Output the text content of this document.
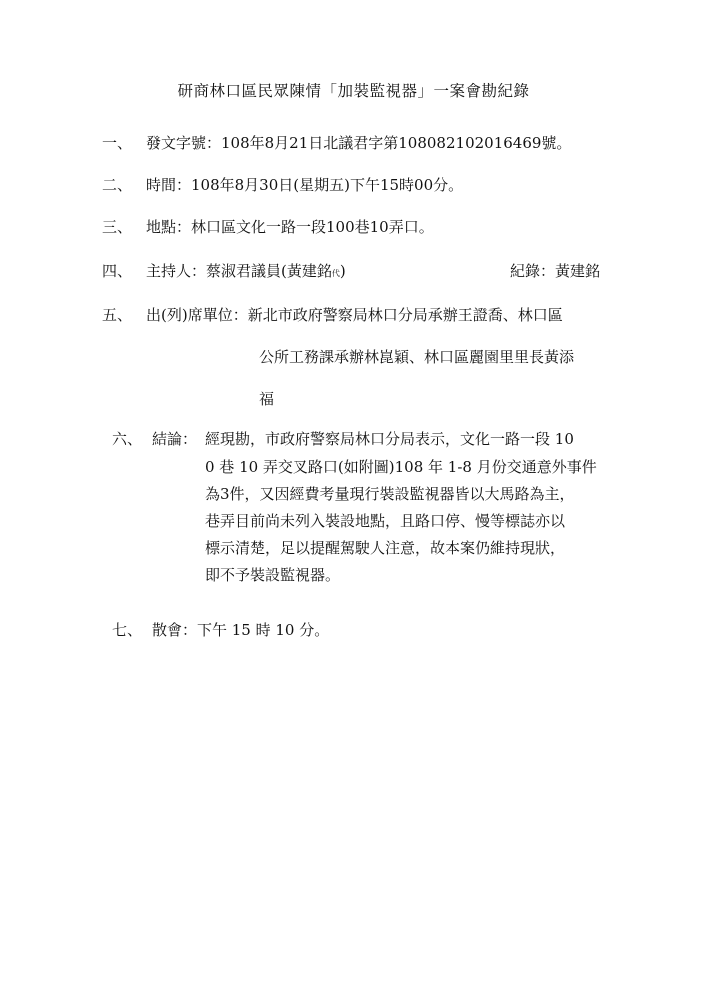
研商林口區民眾陳情「加裝監視器」一案會勘紀錄
一、 發文字號：108年8月21日北議君字第108082102016469號。
二、 時間：108年8月30日(星期五)下午15時00分。
三、 地點：林口區文化一路一段100巷10弄口。
四、 主持人：蔡淑君議員(黃建銘代)	紀錄：黃建銘
五、 出(列)席單位：新北市政府警察局林口分局承辦王證喬、林口區
公所工務課承辦林崑穎、林口區麗園里里長黃添
福
六、 結論： 經現勘，市政府警察局林口分局表示，文化一路一段 10
0 巷 10 弄交叉路口(如附圖)108 年 1-8 月份交通意外事件
為3件，又因經費考量現行裝設監視器皆以大馬路為主，
巷弄目前尚未列入裝設地點，且路口停、慢等標誌亦以
標示清楚，足以提醒駕駛人注意，故本案仍維持現狀，
即不予裝設監視器。
七、 散會：下午 15 時 10 分。
